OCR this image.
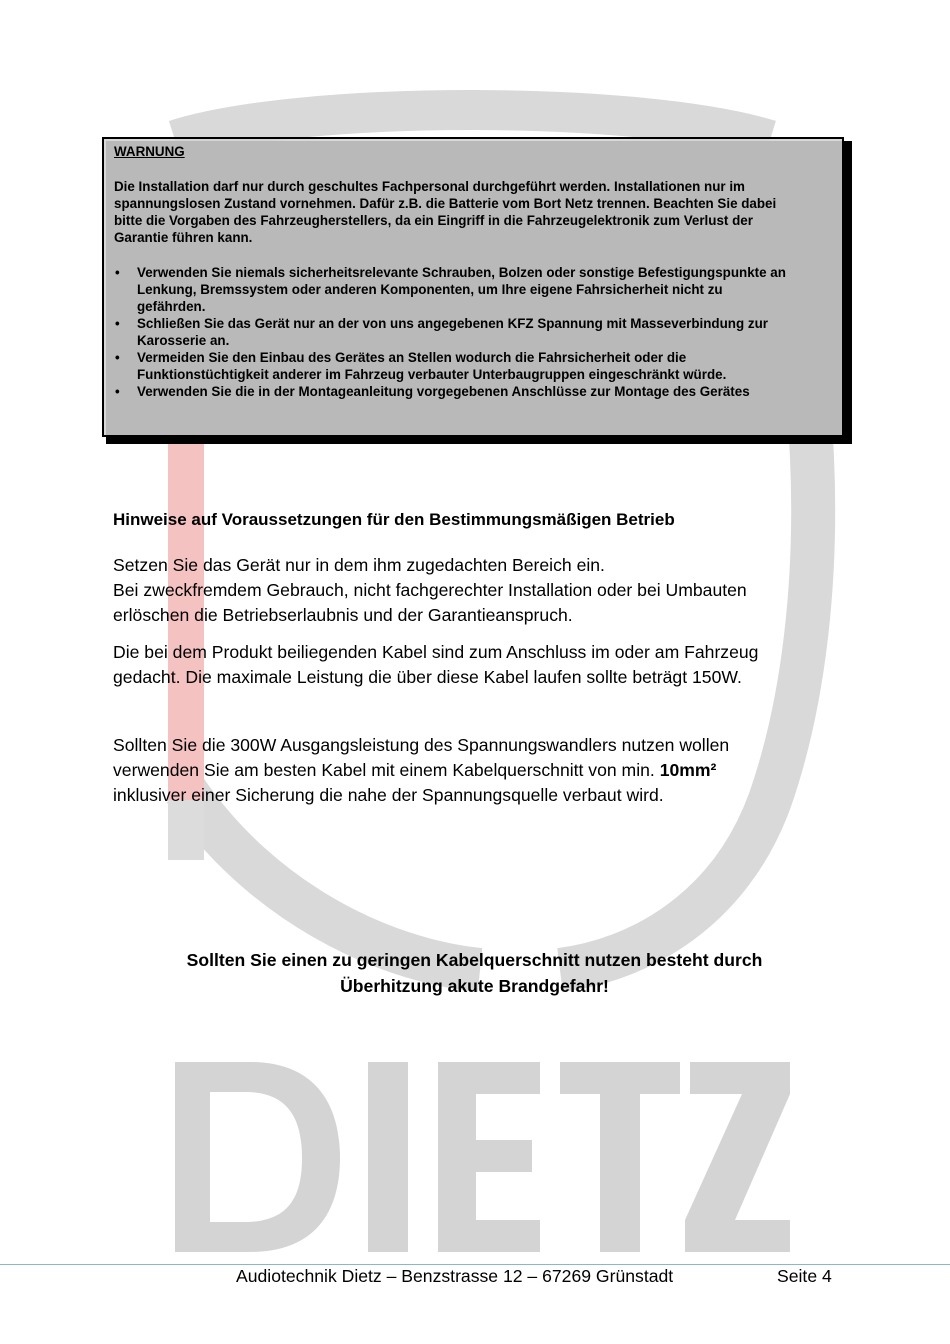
WARNUNG
Die Installation darf nur durch geschultes Fachpersonal durchgeführt werden. Installationen nur im
spannungslosen Zustand vornehmen. Dafür z.B. die Batterie vom Bort Netz trennen. Beachten Sie dabei
bitte die Vorgaben des Fahrzeugherstellers, da ein Eingriff in die Fahrzeugelektronik zum Verlust der
Garantie führen kann.
• Verwenden Sie niemals sicherheitsrelevante Schrauben, Bolzen oder sonstige Befestigungspunkte an
Lenkung, Bremssystem oder anderen Komponenten, um Ihre eigene Fahrsicherheit nicht zu
gefährden.
• Schließen Sie das Gerät nur an der von uns angegebenen KFZ Spannung mit Masseverbindung zur
Karosserie an.
• Vermeiden Sie den Einbau des Gerätes an Stellen wodurch die Fahrsicherheit oder die
Funktionstüchtigkeit anderer im Fahrzeug verbauter Unterbaugruppen eingeschränkt würde.
• Verwenden Sie die in der Montageanleitung vorgegebenen Anschlüsse zur Montage des Gerätes
Hinweise auf Voraussetzungen für den Bestimmungsmäßigen Betrieb
Setzen Sie das Gerät nur in dem ihm zugedachten Bereich ein.
Bei zweckfremdem Gebrauch, nicht fachgerechter Installation oder bei Umbauten
erlöschen die Betriebserlaubnis und der Garantieanspruch.
Die bei dem Produkt beiliegenden Kabel sind zum Anschluss im oder am Fahrzeug
gedacht. Die maximale Leistung die über diese Kabel laufen sollte beträgt 150W.
Sollten Sie die 300W Ausgangsleistung des Spannungswandlers nutzen wollen
verwenden Sie am besten Kabel mit einem Kabelquerschnitt von min. 10mm²
inklusiver einer Sicherung die nahe der Spannungsquelle verbaut wird.
Sollten Sie einen zu geringen Kabelquerschnitt nutzen besteht durch
Überhitzung akute Brandgefahr!
Audiotechnik Dietz – Benzstrasse 12 – 67269 Grünstadt	Seite 4
